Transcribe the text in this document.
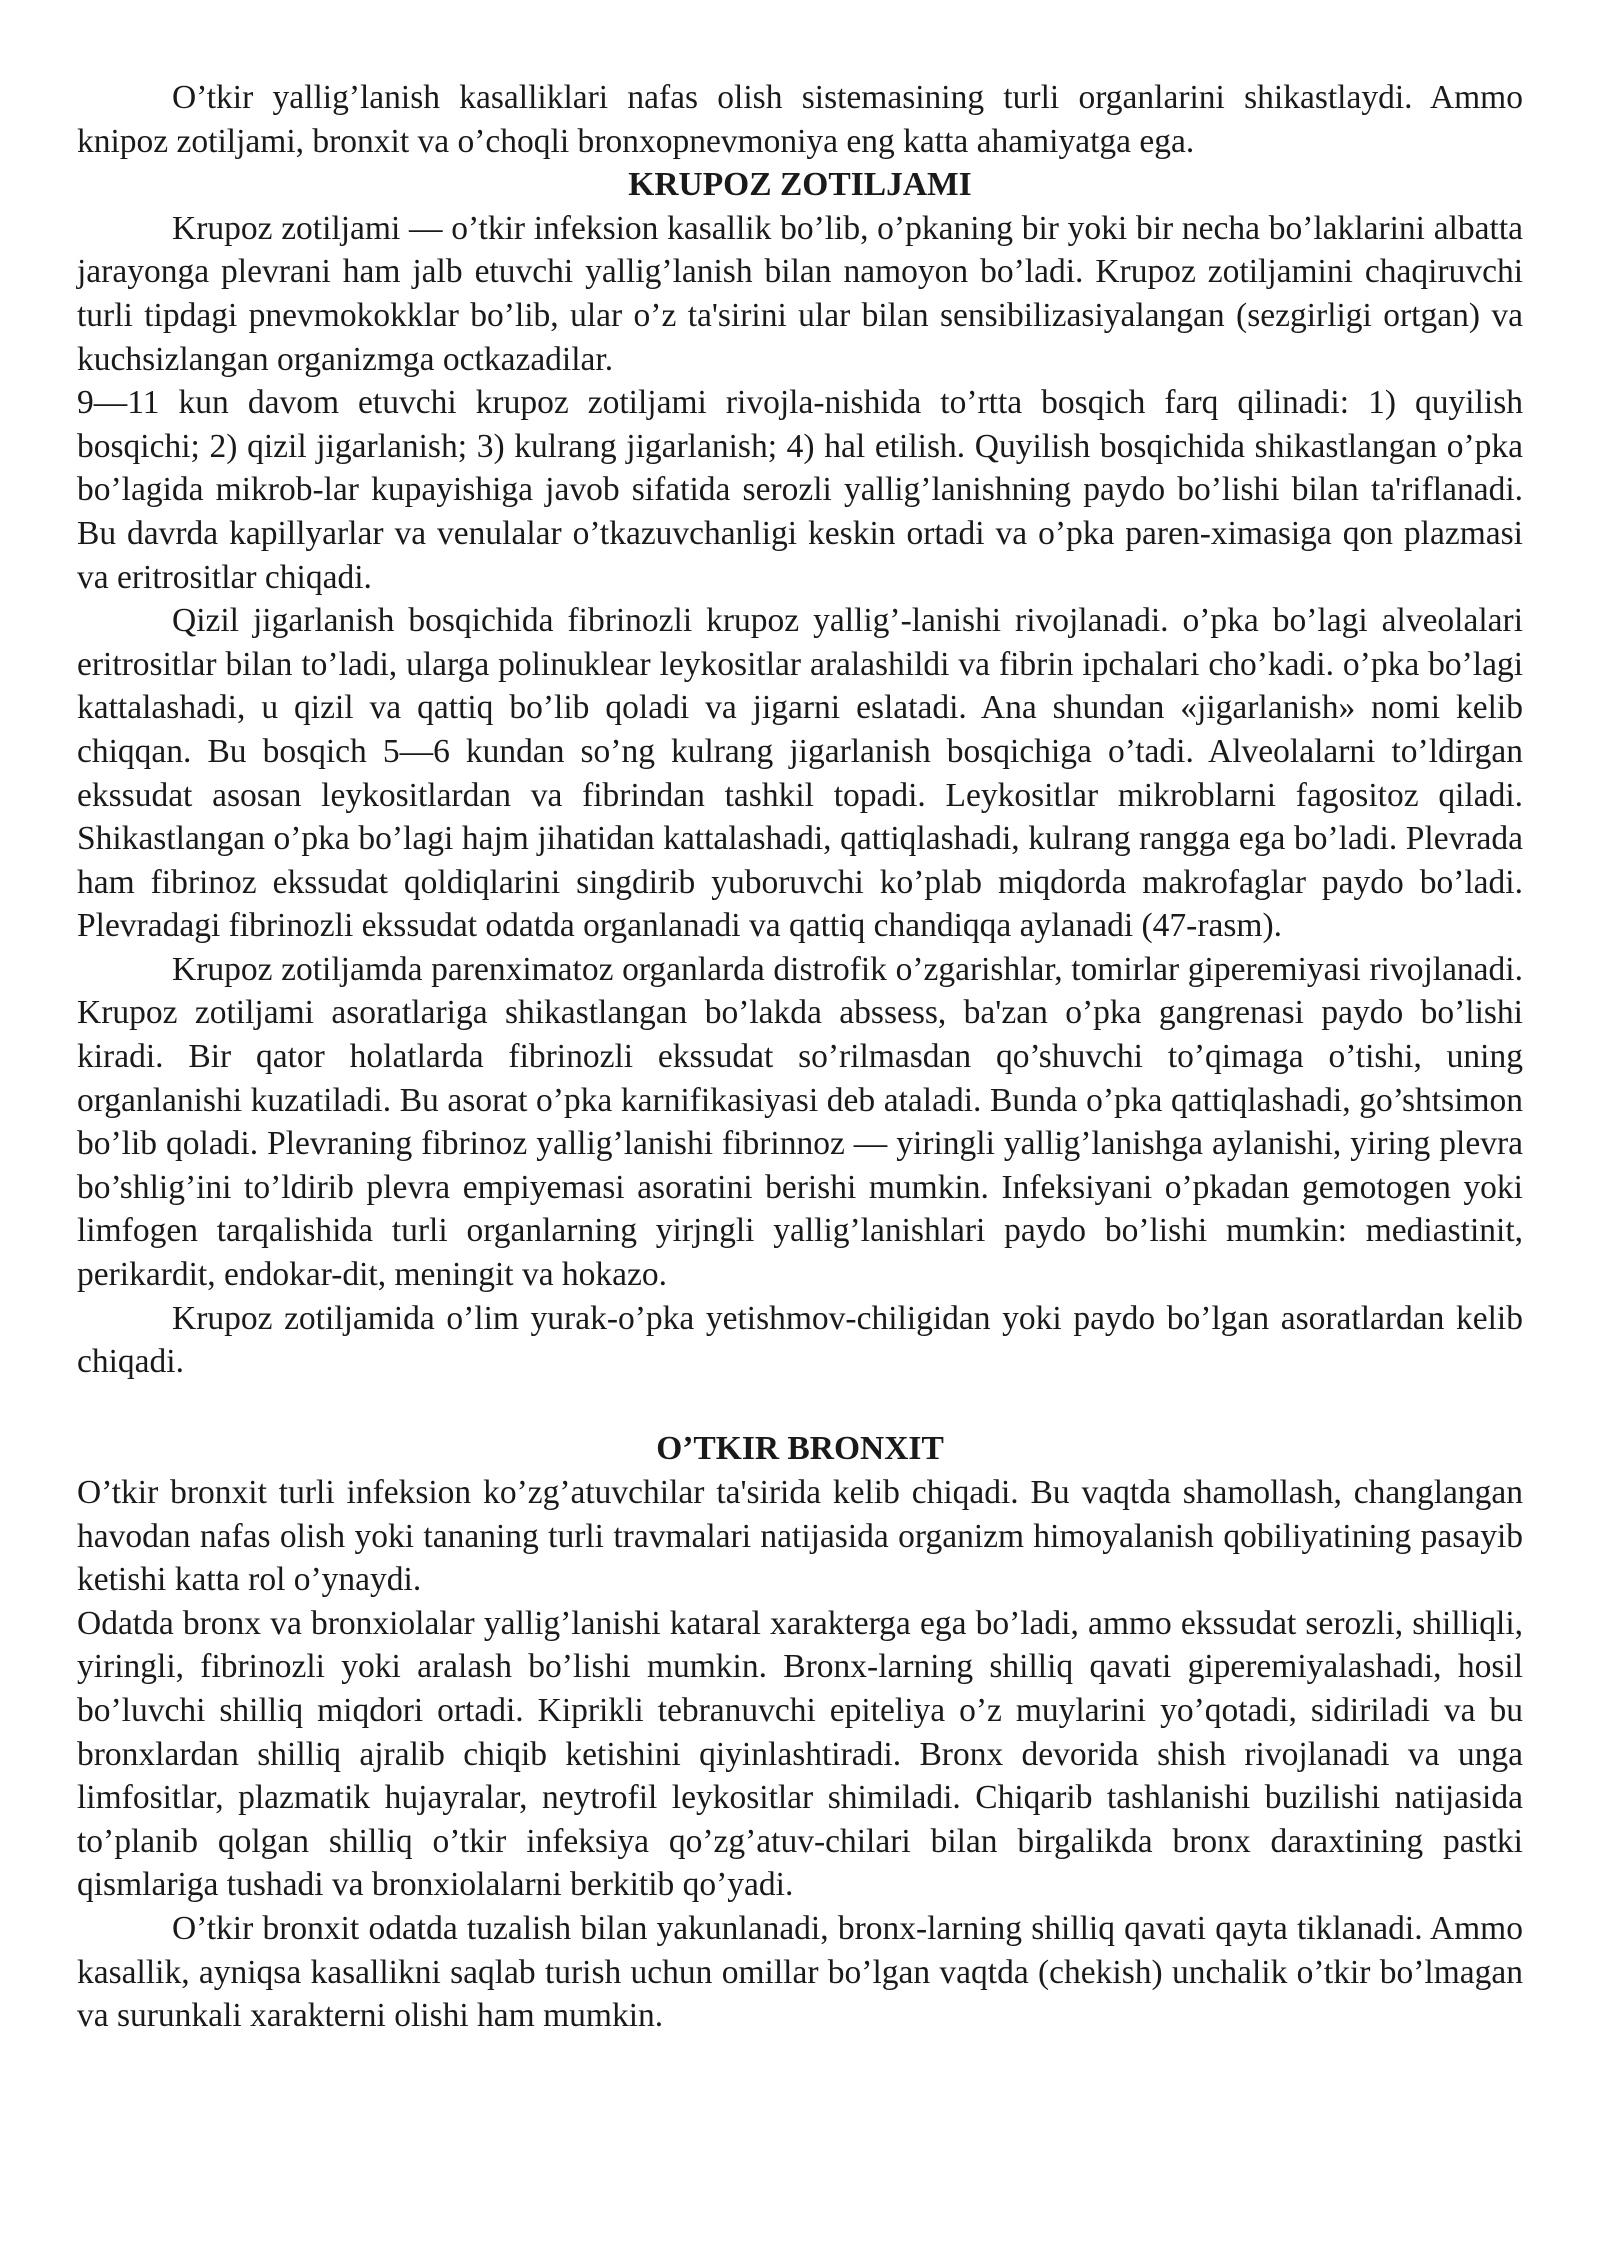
O’tkir yallig’lanish kasalliklari nafas olish sistemasining turli organlarini shikastlaydi. Ammo knipoz zotiljami, bronxit va o’choqli bronxopnevmoniya eng katta ahamiyatga ega.

KRUPOZ ZOTILJAMI

Krupoz zotiljami — o’tkir infeksion kasallik bo’lib, o’pkaning bir yoki bir necha bo’laklarini albatta jarayonga plevrani ham jalb etuvchi yallig’lanish bilan namoyon bo’ladi. Krupoz zotiljamini chaqiruvchi turli tipdagi pnevmokokklar bo’lib, ular o’z ta'sirini ular bilan sensibilizasiyalangan (sezgirligi ortgan) va kuchsizlangan organizmga octkazadilar.

9—11 kun davom etuvchi krupoz zotiljami rivojla-nishida to’rtta bosqich farq qilinadi: 1) quyilish bosqichi; 2) qizil jigarlanish; 3) kulrang jigarlanish; 4) hal etilish. Quyilish bosqichida shikastlangan o’pka bo’lagida mikrob-lar kupayishiga javob sifatida serozli yallig’lanishning paydo bo’lishi bilan ta'riflanadi. Bu davrda kapillyarlar va venulalar o’tkazuvchanligi keskin ortadi va o’pka paren-ximasiga qon plazmasi va eritrositlar chiqadi.

Qizil jigarlanish bosqichida fibrinozli krupoz yallig’-lanishi rivojlanadi. o’pka bo’lagi alveolalari eritrositlar bilan to’ladi, ularga polinuklear leykositlar aralashildi va fibrin ipchalari cho’kadi. o’pka bo’lagi kattalashadi, u qizil va qattiq bo’lib qoladi va jigarni eslatadi. Ana shundan «jigarlanish» nomi kelib chiqqan. Bu bosqich 5—6 kundan so’ng kulrang jigarlanish bosqichiga o’tadi. Alveolalarni to’ldirgan ekssudat asosan leykositlardan va fibrindan tashkil topadi. Leykositlar mikroblarni fagositoz qiladi. Shikastlangan o’pka bo’lagi hajm jihatidan kattalashadi, qattiqlashadi, kulrang rangga ega bo’ladi. Plevrada ham fibrinoz ekssudat qoldiqlarini singdirib yuboruvchi ko’plab miqdorda makrofaglar paydo bo’ladi. Plevradagi fibrinozli ekssudat odatda organlanadi va qattiq chandiqqa aylanadi (47-rasm).

Krupoz zotiljamda parenximatoz organlarda distrofik o’zgarishlar, tomirlar giperemiyasi rivojlanadi. Krupoz zotiljami asoratlariga shikastlangan bo’lakda abssess, ba'zan o’pka gangrenasi paydo bo’lishi kiradi. Bir qator holatlarda fibrinozli ekssudat so’rilmasdan qo’shuvchi to’qimaga o’tishi, uning organlanishi kuzatiladi. Bu asorat o’pka karnifikasiyasi deb ataladi. Bunda o’pka qattiqlashadi, go’shtsimon bo’lib qoladi. Plevraning fibrinoz yallig’lanishi fibrinnoz — yiringli yallig’lanishga aylanishi, yiring plevra bo’shlig’ini to’ldirib plevra empiyemasi asoratini berishi mumkin. Infeksiyani o’pkadan gemotogen yoki limfogen tarqalishida turli organlarning yirjngli yallig’lanishlari paydo bo’lishi mumkin: mediastinit, perikardit, endokar-dit, meningit va hokazo.

Krupoz zotiljamida o’lim yurak-o’pka yetishmov-chiligidan yoki paydo bo’lgan asoratlardan kelib chiqadi.

O’TKIR BRONXIT

O’tkir bronxit turli infeksion ko’zg’atuvchilar ta'sirida kelib chiqadi. Bu vaqtda shamollash, changlangan havodan nafas olish yoki tananing turli travmalari natijasida organizm himoyalanish qobiliyatining pasayib ketishi katta rol o’ynaydi.

Odatda bronx va bronxiolalar yallig’lanishi kataral xarakterga ega bo’ladi, ammo ekssudat serozli, shilliqli, yiringli, fibrinozli yoki aralash bo’lishi mumkin. Bronx-larning shilliq qavati giperemiyalashadi, hosil bo’luvchi shilliq miqdori ortadi. Kiprikli tebranuvchi epiteliya o’z muylarini yo’qotadi, sidiriladi va bu bronxlardan shilliq ajralib chiqib ketishini qiyinlashtiradi. Bronx devorida shish rivojlanadi va unga limfositlar, plazmatik hujayralar, neytrofil leykositlar shimiladi. Chiqarib tashlanishi buzilishi natijasida to’planib qolgan shilliq o’tkir infeksiya qo’zg’atuv-chilari bilan birgalikda bronx daraxtining pastki qismlariga tushadi va bronxiolalarni berkitib qo’yadi.

O’tkir bronxit odatda tuzalish bilan yakunlanadi, bronx-larning shilliq qavati qayta tiklanadi. Ammo kasallik, ayniqsa kasallikni saqlab turish uchun omillar bo’lgan vaqtda (chekish) unchalik o’tkir bo’lmagan va surunkali xarakterni olishi ham mumkin.
